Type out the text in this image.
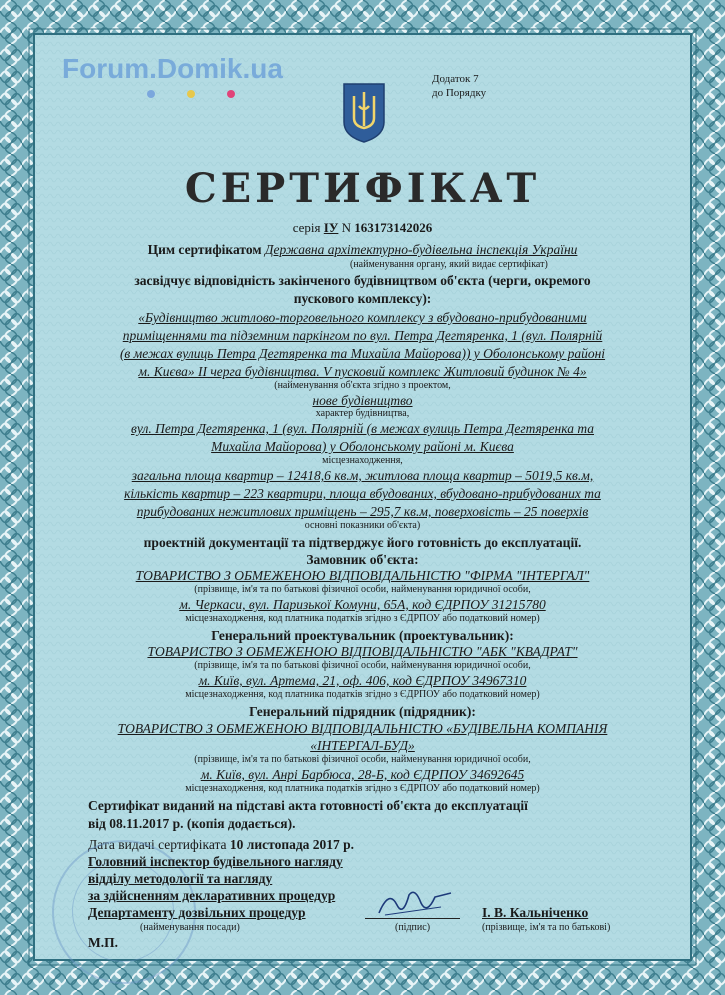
Forum.Domik.ua	Додаток 7
до Порядку
СЕРТИФІКАТ
серія ІУ N 163173142026
Цим сертифікатом Державна архітектурно-будівельна інспекція України
(найменування органу, який видає сертифікат)
засвідчує відповідність закінченого будівництвом об'єкта (черги, окремого
пускового комплексу):
«Будівництво житлово-торговельного комплексу з вбудовано-прибудованими
приміщеннями та підземним паркінгом по вул. Петра Дегтяренка, 1 (вул. Полярній
(в межах вулиць Петра Дегтяренка та Михайла Майорова)) у Оболонському районі
м. Києва» ІІ черга будівництва. V пусковий комплекс Житловий будинок № 4»
(найменування об'єкта згідно з проектом,
нове будівництво
характер будівництва,
вул. Петра Дегтяренка, 1 (вул. Полярній (в межах вулиць Петра Дегтяренка та
Михайла Майорова) у Оболонському районі м. Києва
місцезнаходження,
загальна площа квартир – 12418,6 кв.м, житлова площа квартир – 5019,5 кв.м,
кількість квартир – 223 квартири, площа вбудованих, вбудовано-прибудованих та
прибудованих нежитлових приміщень – 295,7 кв.м, поверховість – 25 поверхів
основні показники об'єкта)
проектній документації та підтверджує його готовність до експлуатації.
Замовник об'єкта:
ТОВАРИСТВО З ОБМЕЖЕНОЮ ВІДПОВІДАЛЬНІСТЮ "ФІРМА "ІНТЕРГАЛ"
(прізвище, ім'я та по батькові фізичної особи, найменування юридичної особи,
м. Черкаси, вул. Паризької Комуни, 65А, код ЄДРПОУ 31215780
місцезнаходження, код платника податків згідно з ЄДРПОУ або податковий номер)
Генеральний проектувальник (проектувальник):
ТОВАРИСТВО З ОБМЕЖЕНОЮ ВІДПОВІДАЛЬНІСТЮ "АБК "КВАДРАТ"
(прізвище, ім'я та по батькові фізичної особи, найменування юридичної особи,
м. Київ, вул. Артема, 21, оф. 406, код ЄДРПОУ 34967310
місцезнаходження, код платника податків згідно з ЄДРПОУ або податковий номер)
Генеральний підрядник (підрядник):
ТОВАРИСТВО З ОБМЕЖЕНОЮ ВІДПОВІДАЛЬНІСТЮ «БУДІВЕЛЬНА КОМПАНІЯ
«ІНТЕРГАЛ-БУД»
(прізвище, ім'я та по батькові фізичної особи, найменування юридичної особи,
м. Київ, вул. Анрі Барбюса, 28-Б, код ЄДРПОУ 34692645
місцезнаходження, код платника податків згідно з ЄДРПОУ або податковий номер)
Сертифікат виданий на підставі акта готовності об'єкта до експлуатації
від 08.11.2017 р. (копія додається).
Дата видачі сертифіката 10 листопада 2017 р.
Головний інспектор будівельного нагляду
відділу методології та нагляду
за здійсненням декларативних процедур
Департаменту дозвільних процедур
(найменування посади)	(підпис)
І. В. Кальніченко
(прізвище, ім'я та по батькові)
М.П.
